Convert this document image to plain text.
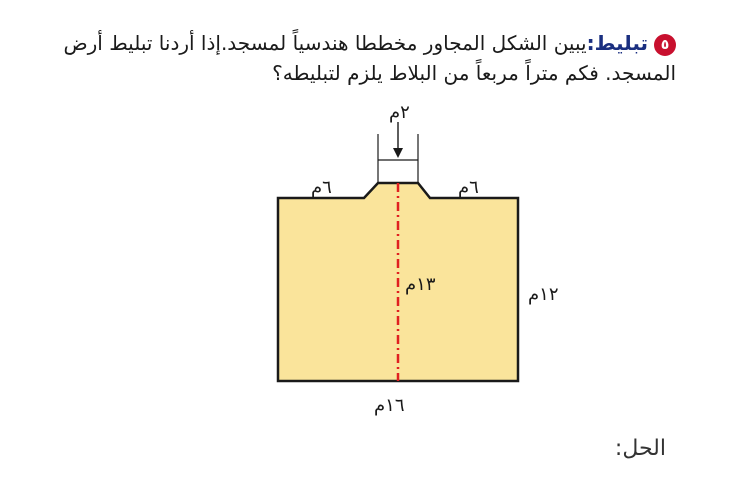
٥تبليط:يبين الشكل المجاور مخططا هندسياً لمسجد.إذا أردنا تبليط أرض المسجد. فكم متراً مربعاً من البلاط يلزم لتبليطه؟
٢م
٦م	٦م
١٣م	١٢م
١٦م
الحل:
